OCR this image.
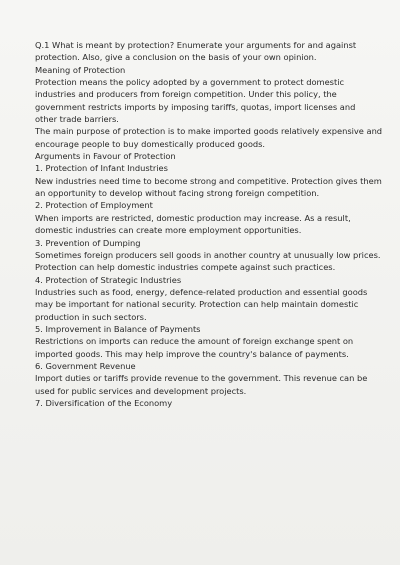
Q.1 What is meant by protection? Enumerate your arguments for and against
protection. Also, give a conclusion on the basis of your own opinion.
Meaning of Protection
Protection means the policy adopted by a government to protect domestic
industries and producers from foreign competition. Under this policy, the
government restricts imports by imposing tariffs, quotas, import licenses and
other trade barriers.
The main purpose of protection is to make imported goods relatively expensive and
encourage people to buy domestically produced goods.
Arguments in Favour of Protection
1. Protection of Infant Industries
New industries need time to become strong and competitive. Protection gives them
an opportunity to develop without facing strong foreign competition.
2. Protection of Employment
When imports are restricted, domestic production may increase. As a result,
domestic industries can create more employment opportunities.
3. Prevention of Dumping
Sometimes foreign producers sell goods in another country at unusually low prices.
Protection can help domestic industries compete against such practices.
4. Protection of Strategic Industries
Industries such as food, energy, defence-related production and essential goods
may be important for national security. Protection can help maintain domestic
production in such sectors.
5. Improvement in Balance of Payments
Restrictions on imports can reduce the amount of foreign exchange spent on
imported goods. This may help improve the country's balance of payments.
6. Government Revenue
Import duties or tariffs provide revenue to the government. This revenue can be
used for public services and development projects.
7. Diversification of the Economy
